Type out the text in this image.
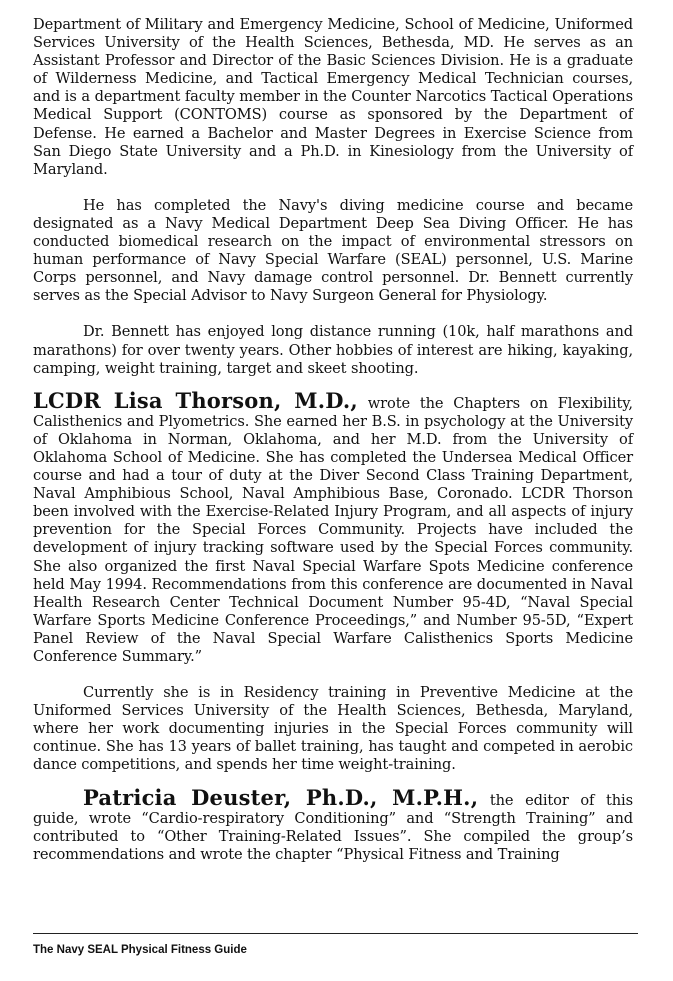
Department of Military and Emergency Medicine, School of Medicine, Uniformed Services University of the Health Sciences, Bethesda, MD. He serves as an Assistant Professor and Director of the Basic Sciences Division. He is a graduate of Wilderness Medicine, and Tactical Emergency Medical Technician courses, and is a department faculty member in the Counter Narcotics Tactical Operations Medical Support (CONTOMS) course as sponsored by the Department of Defense. He earned a Bachelor and Master Degrees in Exercise Science from San Diego State University and a Ph.D. in Kinesiology from the University of Maryland.

He has completed the Navy's diving medicine course and became designated as a Navy Medical Department Deep Sea Diving Officer. He has conducted biomedical research on the impact of environmental stressors on human performance of Navy Special Warfare (SEAL) personnel, U.S. Marine Corps personnel, and Navy damage control personnel. Dr. Bennett currently serves as the Special Advisor to Navy Surgeon General for Physiology.

Dr. Bennett has enjoyed long distance running (10k, half marathons and marathons) for over twenty years. Other hobbies of interest are hiking, kayaking, camping, weight training, target and skeet shooting.

LCDR Lisa Thorson, M.D., wrote the Chapters on Flexibility, Calisthenics and Plyometrics. She earned her B.S. in psychology at the University of Oklahoma in Norman, Oklahoma, and her M.D. from the University of Oklahoma School of Medicine. She has completed the Undersea Medical Officer course and had a tour of duty at the Diver Second Class Training Department, Naval Amphibious School, Naval Amphibious Base, Coronado. LCDR Thorson been involved with the Exercise-Related Injury Program, and all aspects of injury prevention for the Special Forces Community. Projects have included the development of injury tracking software used by the Special Forces community. She also organized the first Naval Special Warfare Spots Medicine conference held May 1994. Recommendations from this conference are documented in Naval Health Research Center Technical Document Number 95-4D, “Naval Special Warfare Sports Medicine Conference Proceedings,” and Number 95-5D, “Expert Panel Review of the Naval Special Warfare Calisthenics Sports Medicine Conference Summary.”

Currently she is in Residency training in Preventive Medicine at the Uniformed Services University of the Health Sciences, Bethesda, Maryland, where her work documenting injuries in the Special Forces community will continue. She has 13 years of ballet training, has taught and competed in aerobic dance competitions, and spends her time weight-training.

Patricia Deuster, Ph.D., M.P.H., the editor of this guide, wrote “Cardio-respiratory Conditioning” and “Strength Training” and contributed to “Other Training-Related Issues”. She compiled the group’s recommendations and wrote the chapter “Physical Fitness and Training

The Navy SEAL Physical Fitness Guide
